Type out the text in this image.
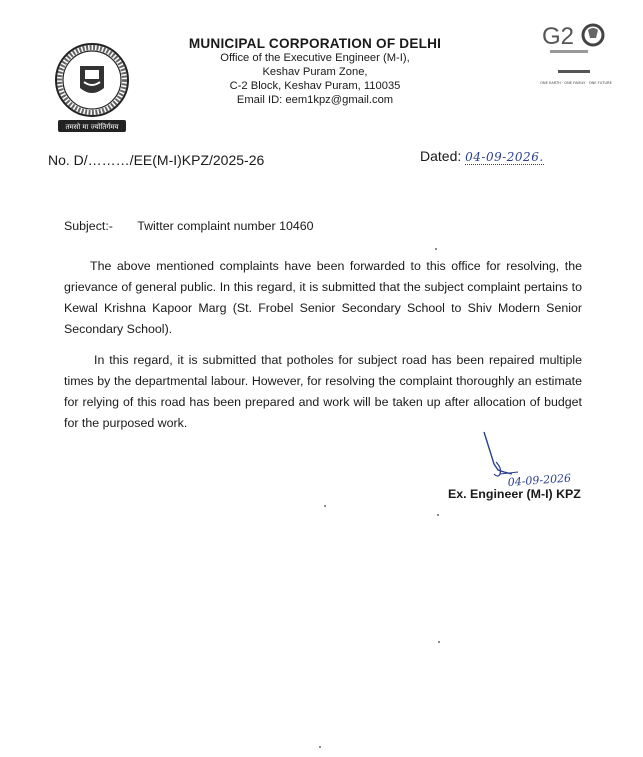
तमसो मा ज्योतिर्गमय
MUNICIPAL CORPORATION OF DELHI
Office of the Executive Engineer (M-I),
Keshav Puram Zone,
C-2 Block, Keshav Puram, 110035
Email ID: eem1kpz@gmail.com
G2
ONE EARTH · ONE FAMILY · ONE FUTURE
No. D/………/EE(M-I)KPZ/2025-26	Dated: 04-09-2026.
Subject:- Twitter complaint number 10460
The above mentioned complaints have been forwarded to this office for resolving, the grievance of general public. In this regard, it is submitted that the subject complaint pertains to Kewal Krishna Kapoor Marg (St. Frobel Senior Secondary School to Shiv Modern Senior Secondary School).
In this regard, it is submitted that potholes for subject road has been repaired multiple times by the departmental labour. However, for resolving the complaint thoroughly an estimate for relying of this road has been prepared and work will be taken up after allocation of budget for the purposed work.
04-09-2026
Ex. Engineer (M-I) KPZ
